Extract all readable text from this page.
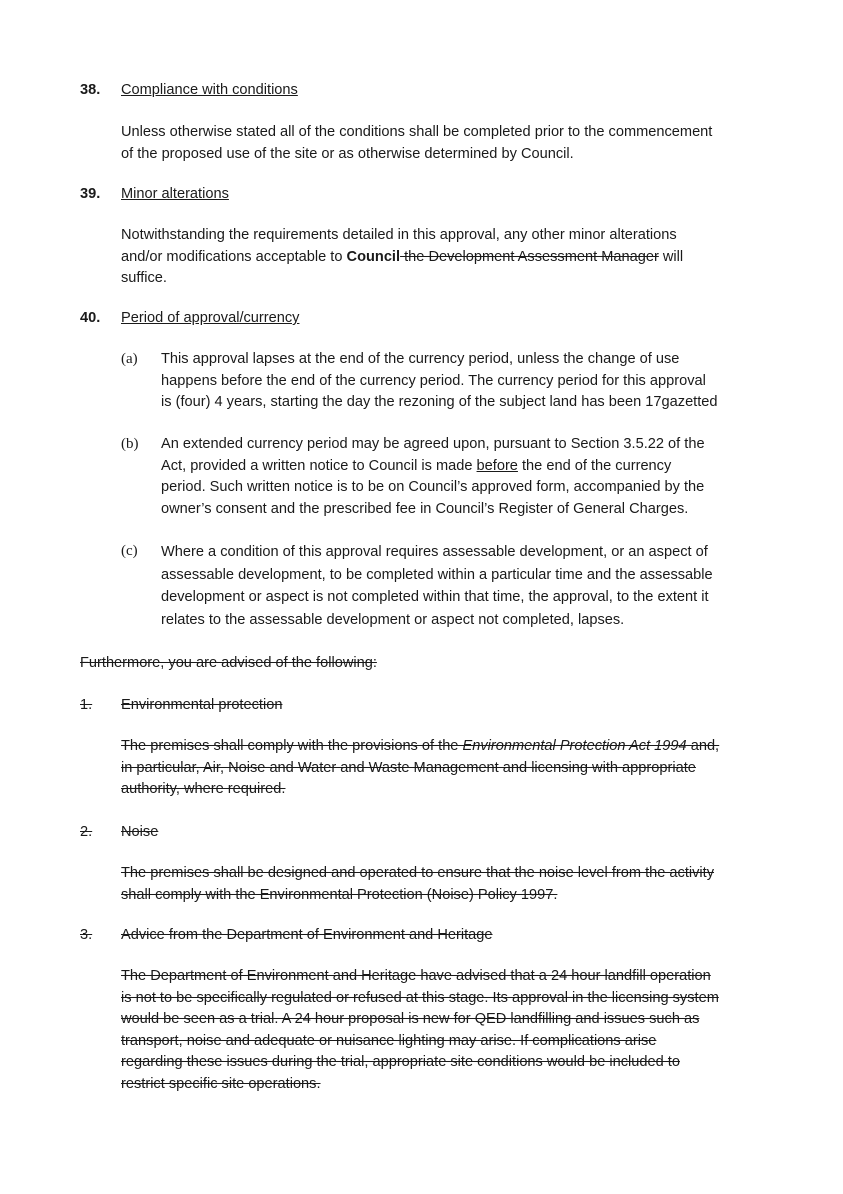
38. Compliance with conditions
Unless otherwise stated all of the conditions shall be completed prior to the commencement
of the proposed use of the site or as otherwise determined by Council.
39. Minor alterations
Notwithstanding the requirements detailed in this approval, any other minor alterations
and/or modifications acceptable to Council the Development Assessment Manager will
suffice.
40. Period of approval/currency
(a) This approval lapses at the end of the currency period, unless the change of use
happens before the end of the currency period. The currency period for this approval
is (four) 4 years, starting the day the rezoning of the subject land has been 17gazetted
(b) An extended currency period may be agreed upon, pursuant to Section 3.5.22 of the
Act, provided a written notice to Council is made before the end of the currency
period. Such written notice is to be on Council’s approved form, accompanied by the
owner’s consent and the prescribed fee in Council’s Register of General Charges.
(c) Where a condition of this approval requires assessable development, or an aspect of
assessable development, to be completed within a particular time and the assessable
development or aspect is not completed within that time, the approval, to the extent it
relates to the assessable development or aspect not completed, lapses.
Furthermore, you are advised of the following:
1. Environmental protection
The premises shall comply with the provisions of the Environmental Protection Act 1994 and,
in particular, Air, Noise and Water and Waste Management and licensing with appropriate
authority, where required.
2. Noise
The premises shall be designed and operated to ensure that the noise level from the activity
shall comply with the Environmental Protection (Noise) Policy 1997.
3. Advice from the Department of Environment and Heritage
The Department of Environment and Heritage have advised that a 24 hour landfill operation
is not to be specifically regulated or refused at this stage. Its approval in the licensing system
would be seen as a trial. A 24 hour proposal is new for QED landfilling and issues such as
transport, noise and adequate or nuisance lighting may arise. If complications arise
regarding these issues during the trial, appropriate site conditions would be included to
restrict specific site operations.
